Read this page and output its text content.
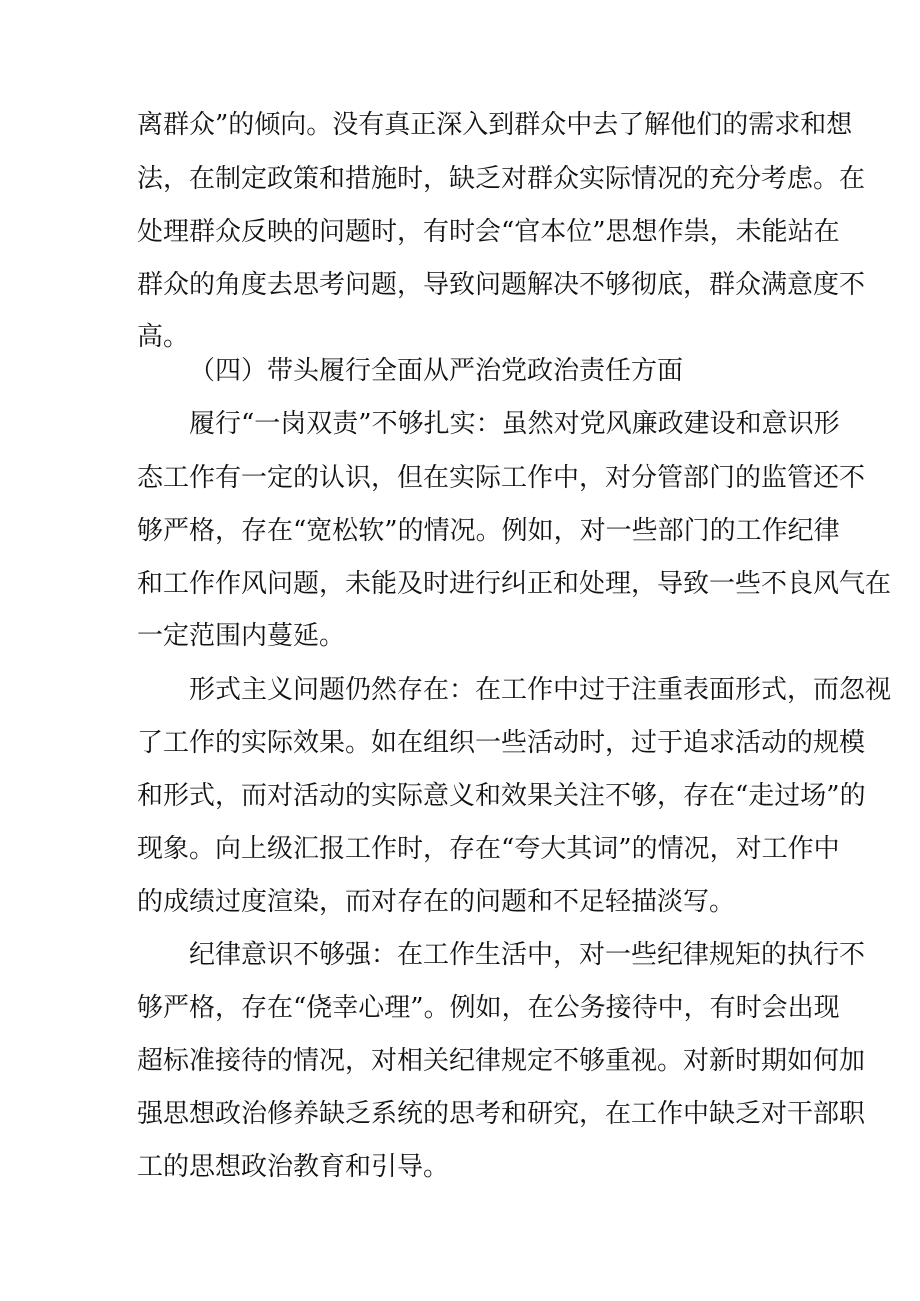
离群众”的倾向。没有真正深入到群众中去了解他们的需求和想
法，在制定政策和措施时，缺乏对群众实际情况的充分考虑。在
处理群众反映的问题时，有时会“官本位”思想作祟，未能站在
群众的角度去思考问题，导致问题解决不够彻底，群众满意度不
高。
（四）带头履行全面从严治党政治责任方面
履行“一岗双责”不够扎实：虽然对党风廉政建设和意识形
态工作有一定的认识，但在实际工作中，对分管部门的监管还不
够严格，存在“宽松软”的情况。例如，对一些部门的工作纪律
和工作作风问题，未能及时进行纠正和处理，导致一些不良风气在
一定范围内蔓延。
形式主义问题仍然存在：在工作中过于注重表面形式，而忽视
了工作的实际效果。如在组织一些活动时，过于追求活动的规模
和形式，而对活动的实际意义和效果关注不够，存在“走过场”的
现象。向上级汇报工作时，存在“夸大其词”的情况，对工作中
的成绩过度渲染，而对存在的问题和不足轻描淡写。
纪律意识不够强：在工作生活中，对一些纪律规矩的执行不
够严格，存在“侥幸心理”。例如，在公务接待中，有时会出现
超标准接待的情况，对相关纪律规定不够重视。对新时期如何加
强思想政治修养缺乏系统的思考和研究，在工作中缺乏对干部职
工的思想政治教育和引导。
